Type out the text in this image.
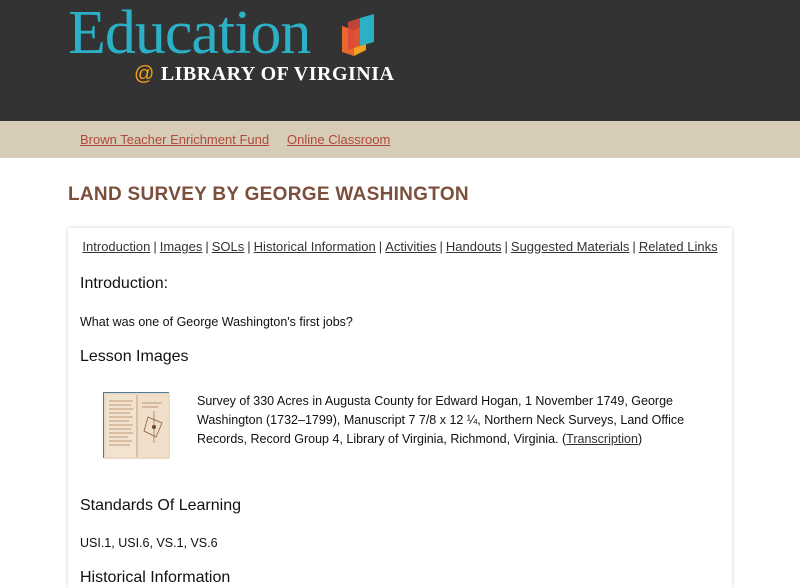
Education
@ LIBRARY OF VIRGINIA
Brown Teacher Enrichment Fund Online Classroom
LAND SURVEY BY GEORGE WASHINGTON
Introduction | Images | SOLs | Historical Information | Activities | Handouts | Suggested Materials | Related Links
Introduction:
What was one of George Washington's first jobs?
Lesson Images
Survey of 330 Acres in Augusta County for Edward Hogan, 1 November 1749, George Washington (1732–1799), Manuscript 7 7/8 x 12 ¼, Northern Neck Surveys, Land Office Records, Record Group 4, Library of Virginia, Richmond, Virginia. (Transcription)
Standards Of Learning
USI.1, USI.6, VS.1, VS.6
Historical Information
